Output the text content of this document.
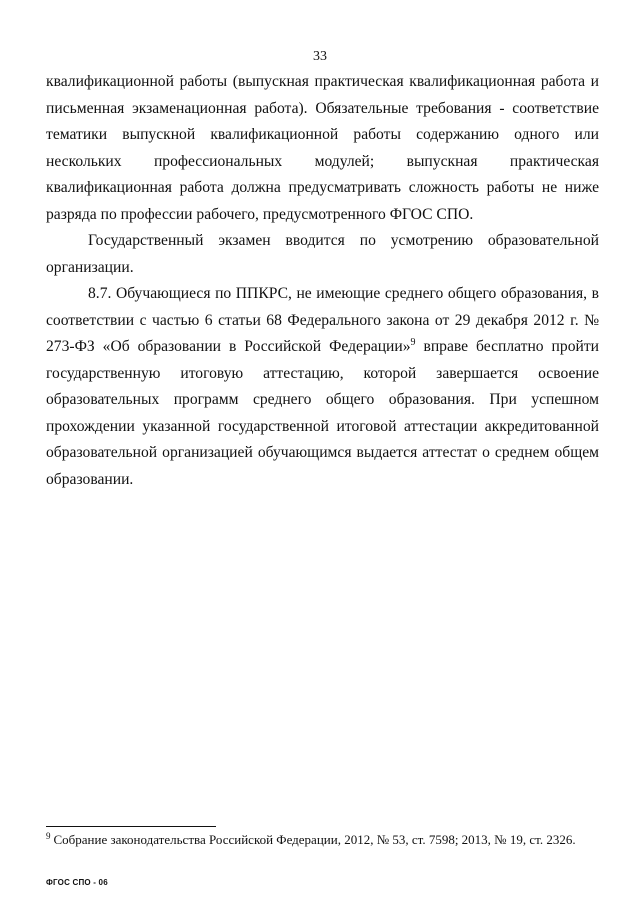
33

квалификационной работы (выпускная практическая квалификационная работа и письменная экзаменационная работа). Обязательные требования - соответствие тематики выпускной квалификационной работы содержанию одного или нескольких профессиональных модулей; выпускная практическая квалификационная работа должна предусматривать сложность работы не ниже разряда по профессии рабочего, предусмотренного ФГОС СПО.

Государственный экзамен вводится по усмотрению образовательной организации.

8.7. Обучающиеся по ППКРС, не имеющие среднего общего образования, в соответствии с частью 6 статьи 68 Федерального закона от 29 декабря 2012 г. № 273-ФЗ «Об образовании в Российской Федерации»$^9$ вправе бесплатно пройти государственную итоговую аттестацию, которой завершается освоение образовательных программ среднего общего образования. При успешном прохождении указанной государственной итоговой аттестации аккредитованной образовательной организацией обучающимся выдается аттестат о среднем общем образовании.

$^9$ Собрание законодательства Российской Федерации, 2012, № 53, ст. 7598; 2013, № 19, ст. 2326.
ФГОС СПО - 06
